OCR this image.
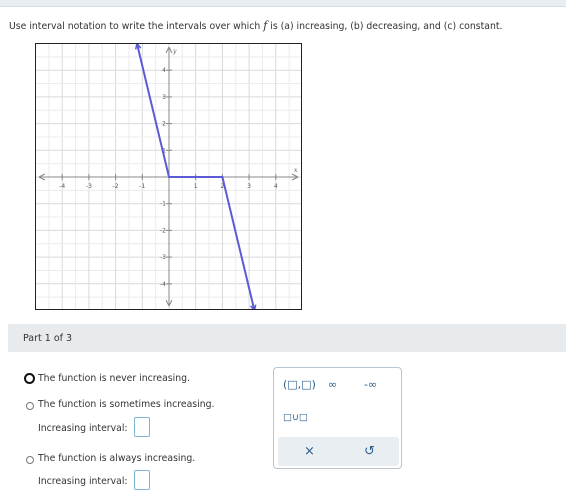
Use interval notation to write the intervals over which f is (a) increasing, (b) decreasing, and (c) constant.
-4	-3	-2	-1	1	2	3	4
4
3
2
1
-1
-2
-3
-4
x
y
Part 1 of 3
The function is never increasing.
The function is sometimes increasing.
Increasing interval:
The function is always increasing.
Increasing interval:
(□,□) ∞ -∞
□∪□
×	↺
